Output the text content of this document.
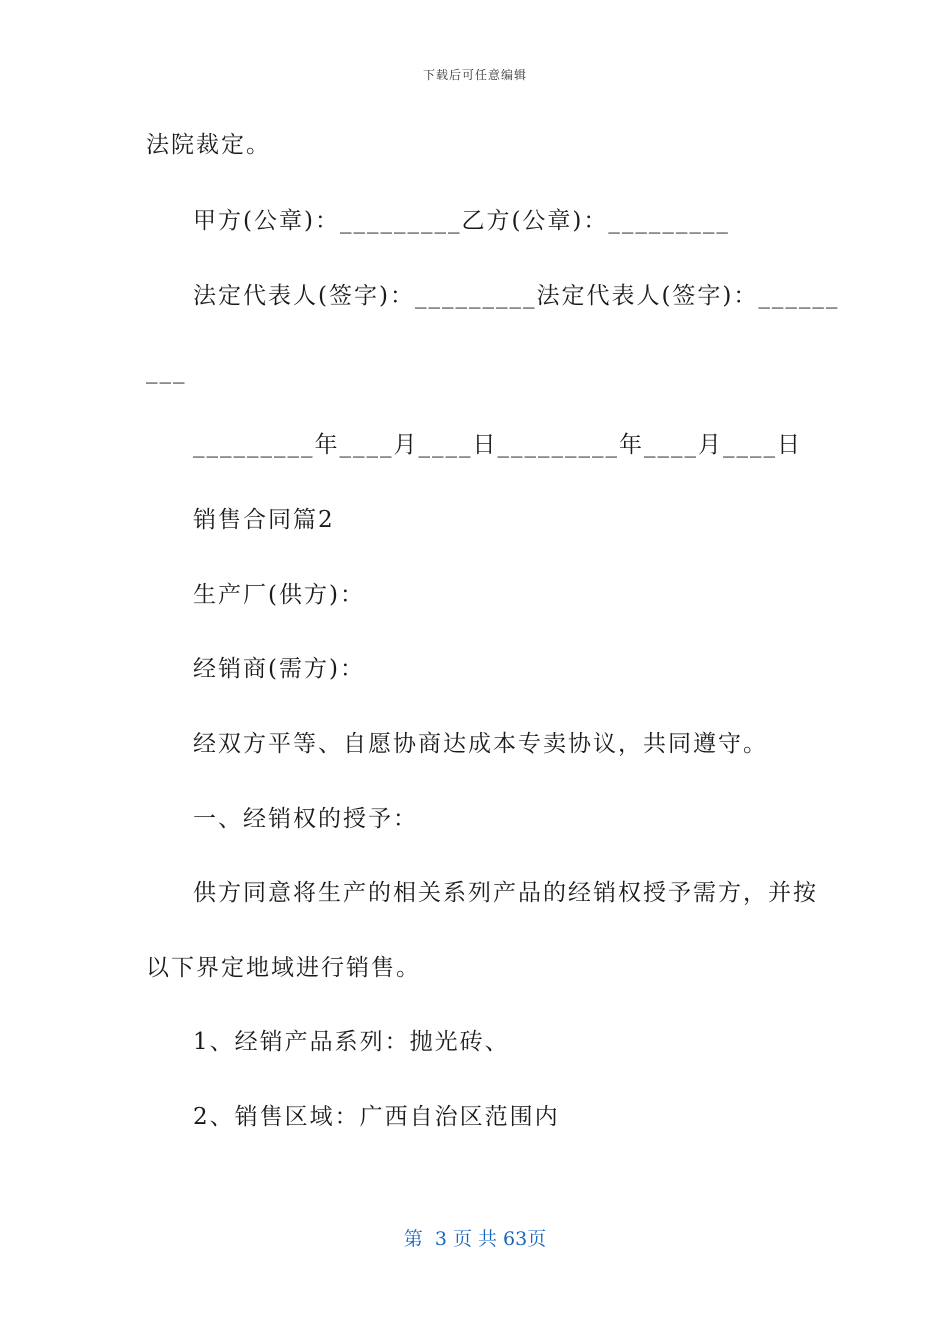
下载后可任意编辑
法院裁定。
甲方(公章)：_________乙方(公章)：_________
法定代表人(签字)：_________法定代表人(签字)：______
___
_________年____月____日_________年____月____日
销售合同篇2
生产厂(供方)：
经销商(需方)：
经双方平等、自愿协商达成本专卖协议，共同遵守。
一、经销权的授予：
供方同意将生产的相关系列产品的经销权授予需方，并按
以下界定地域进行销售。
1、经销产品系列：抛光砖、
2、销售区域：广西自治区范围内
第  3 页 共 63页
